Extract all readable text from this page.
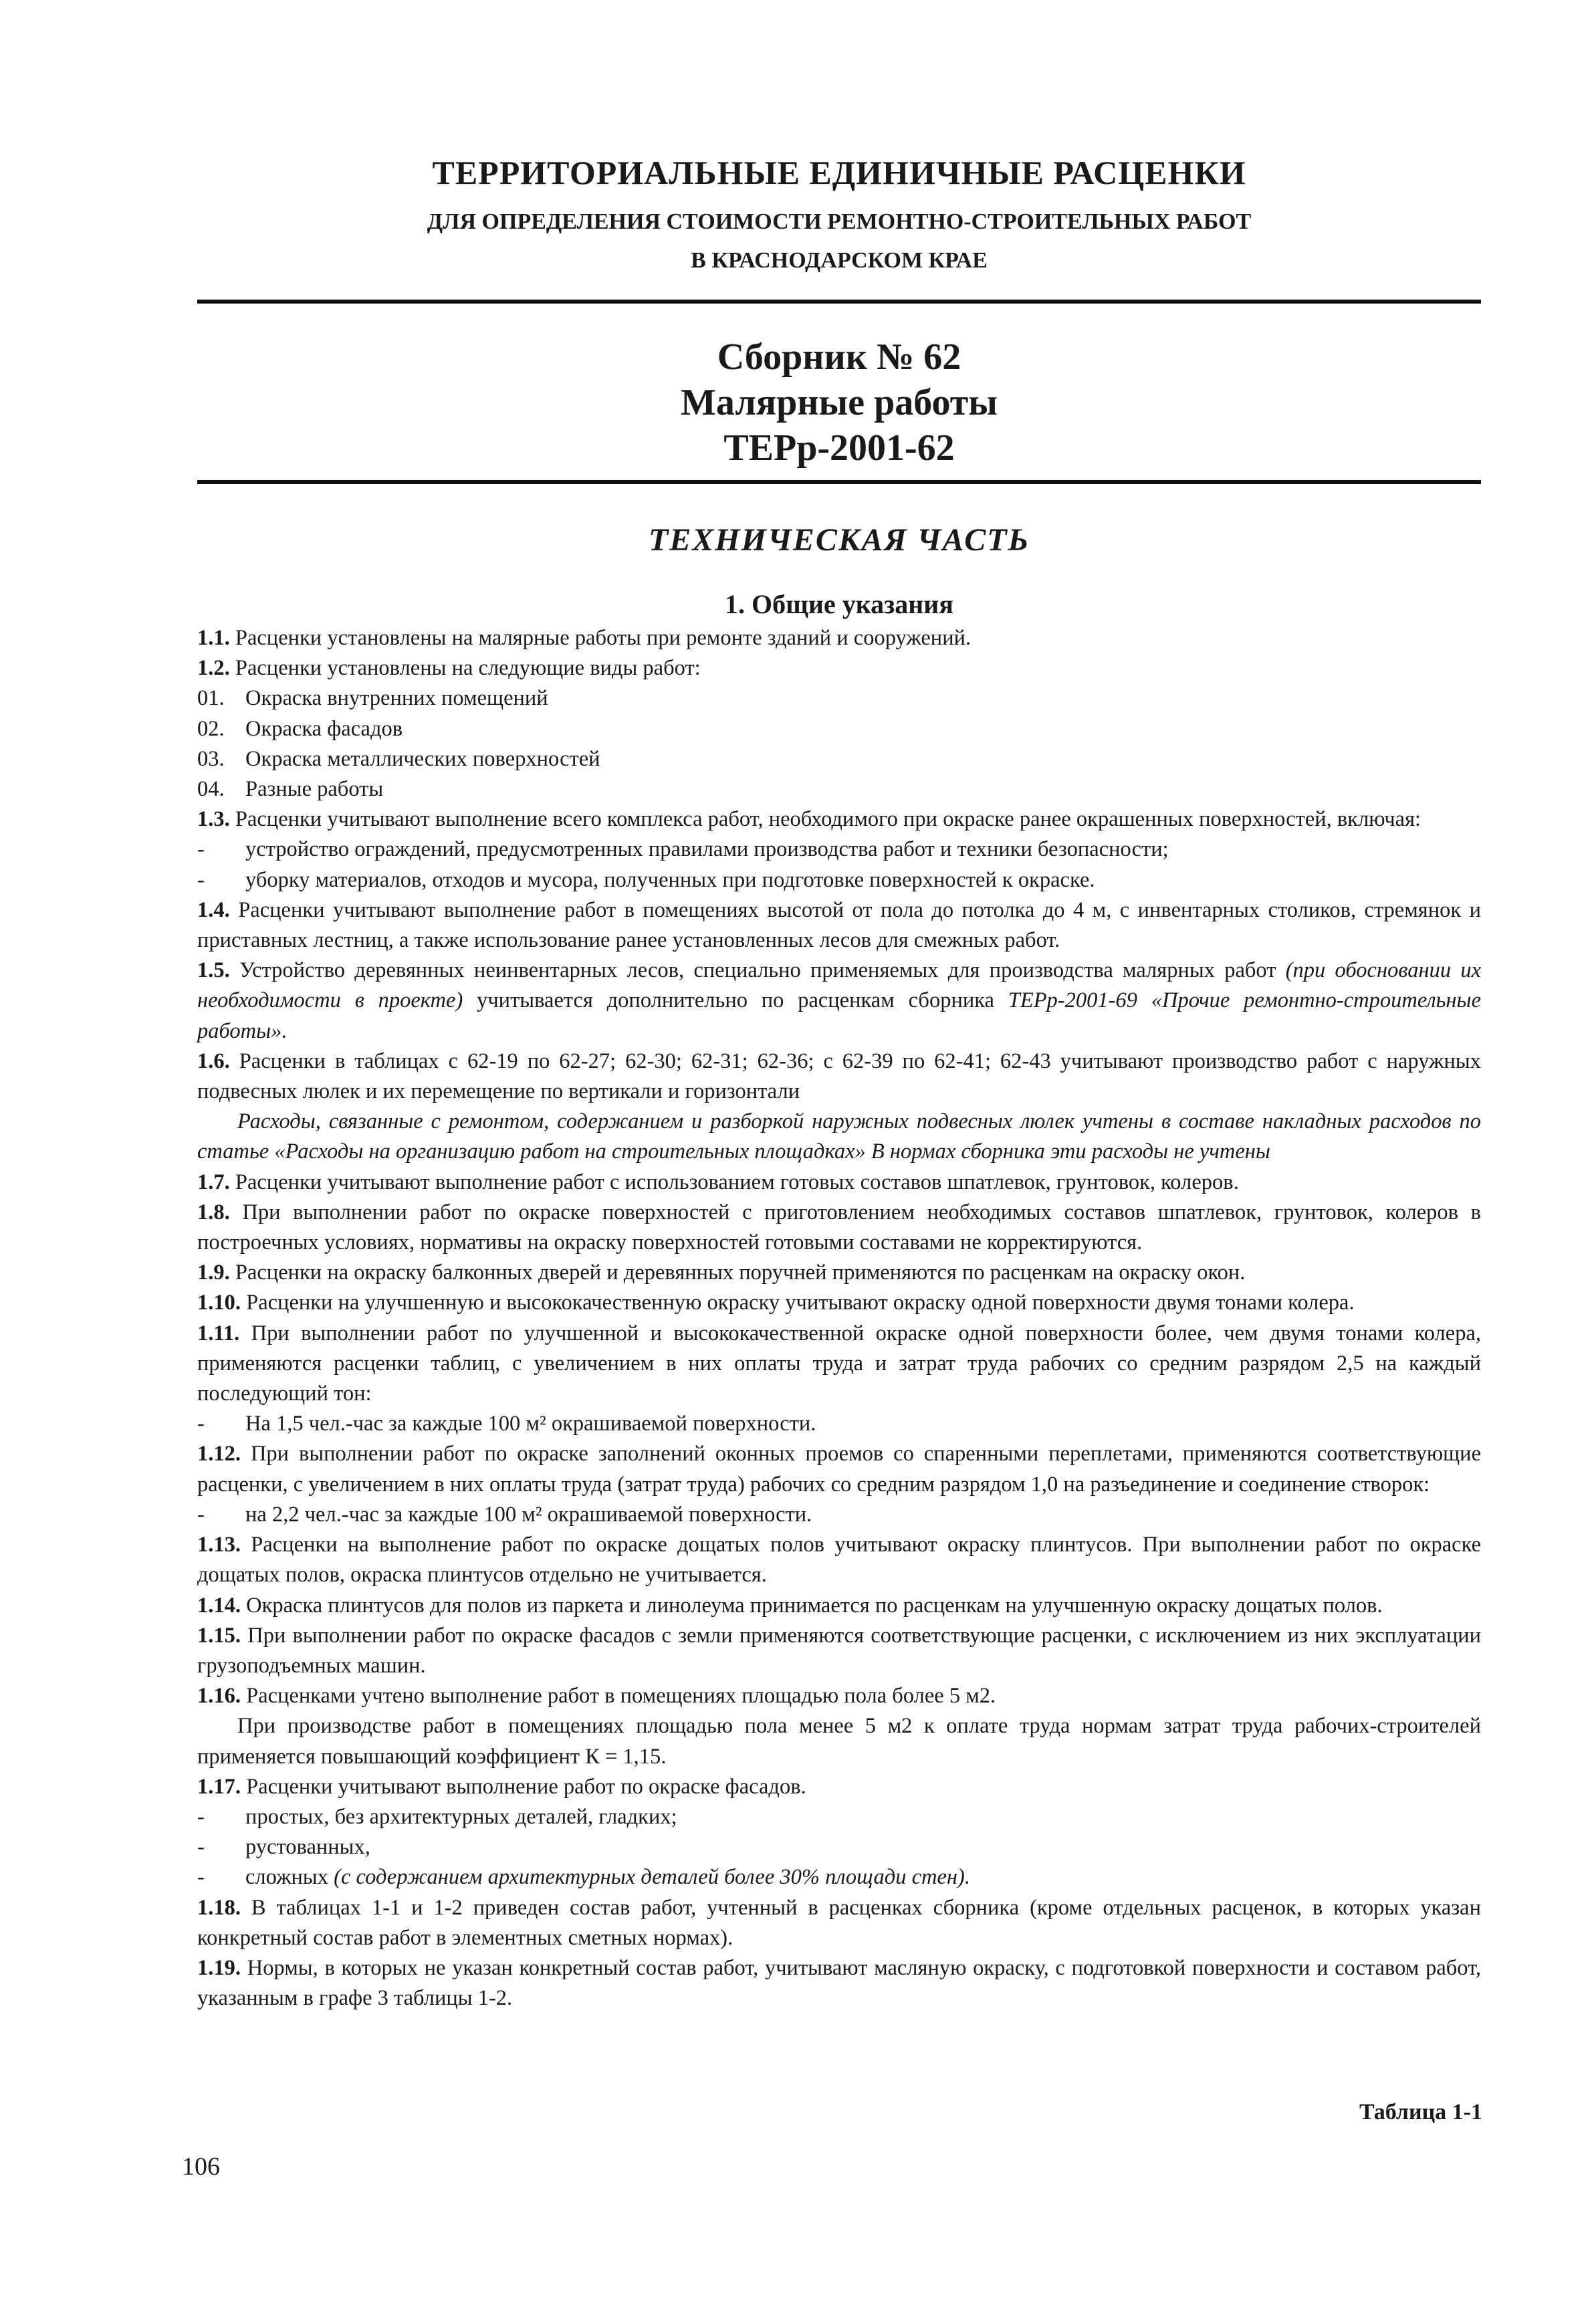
ТЕРРИТОРИАЛЬНЫЕ ЕДИНИЧНЫЕ РАСЦЕНКИ

ДЛЯ ОПРЕДЕЛЕНИЯ СТОИМОСТИ РЕМОНТНО-СТРОИТЕЛЬНЫХ РАБОТ

В КРАСНОДАРСКОМ КРАЕ

Сборник № 62
Малярные работы
ТЕРр-2001-62
ТЕХНИЧЕСКАЯ ЧАСТЬ
1. Общие указания

1.1. Расценки установлены на малярные работы при ремонте зданий и сооружений.

1.2. Расценки установлены на следующие виды работ:

01. Окраска внутренних помещений
02. Окраска фасадов
03. Окраска металлических поверхностей
04. Разные работы

1.3. Расценки учитывают выполнение всего комплекса работ, необходимого при окраске ранее окрашенных поверхностей, включая:

-	устройство ограждений, предусмотренных правилами производства работ и техники безопасности;
-	уборку материалов, отходов и мусора, полученных при подготовке поверхностей к окраске.

1.4. Расценки учитывают выполнение работ в помещениях высотой от пола до потолка до 4 м, с инвентарных столиков, стремянок и приставных лестниц, а также использование ранее установленных лесов для смежных работ.

1.5. Устройство деревянных неинвентарных лесов, специально применяемых для производства малярных работ (при обосновании их необходимости в проекте) учитывается дополнительно по расценкам сборника ТЕРр-2001-69 «Прочие ремонтно-строительные работы».

1.6. Расценки в таблицах с 62-19 по 62-27; 62-30; 62-31; 62-36; с 62-39 по 62-41; 62-43 учитывают производство работ с наружных подвесных люлек и их перемещение по вертикали и горизонтали

Расходы, связанные с ремонтом, содержанием и разборкой наружных подвесных люлек учтены в составе накладных расходов по статье «Расходы на организацию работ на строительных площадках» В нормах сборника эти расходы не учтены

1.7. Расценки учитывают выполнение работ с использованием готовых составов шпатлевок, грунтовок, колеров.

1.8. При выполнении работ по окраске поверхностей с приготовлением необходимых составов шпатлевок, грунтовок, колеров в построечных условиях, нормативы на окраску поверхностей готовыми составами не корректируются.

1.9. Расценки на окраску балконных дверей и деревянных поручней применяются по расценкам на окраску окон.

1.10. Расценки на улучшенную и высококачественную окраску учитывают окраску одной поверхности двумя тонами колера.

1.11. При выполнении работ по улучшенной и высококачественной окраске одной поверхности более, чем двумя тонами колера, применяются расценки таблиц, с увеличением в них оплаты труда и затрат труда рабочих со средним разрядом 2,5 на каждый последующий тон:

-	На 1,5 чел.-час за каждые 100 м² окрашиваемой поверхности.

1.12. При выполнении работ по окраске заполнений оконных проемов со спаренными переплетами, применяются соответствующие расценки, с увеличением в них оплаты труда (затрат труда) рабочих со средним разрядом 1,0 на разъединение и соединение створок:

-	на 2,2 чел.-час за каждые 100 м² окрашиваемой поверхности.

1.13. Расценки на выполнение работ по окраске дощатых полов учитывают окраску плинтусов. При выполнении работ по окраске дощатых полов, окраска плинтусов отдельно не учитывается.

1.14. Окраска плинтусов для полов из паркета и линолеума принимается по расценкам на улучшенную окраску дощатых полов.

1.15. При выполнении работ по окраске фасадов с земли применяются соответствующие расценки, с исключением из них эксплуатации грузоподъемных машин.

1.16. Расценками учтено выполнение работ в помещениях площадью пола более 5 м2.

При производстве работ в помещениях площадью пола менее 5 м2 к оплате труда нормам затрат труда рабочих-строителей применяется повышающий коэффициент К = 1,15.

1.17. Расценки учитывают выполнение работ по окраске фасадов.

-	простых, без архитектурных деталей, гладких;
-	рустованных,
-	сложных (с содержанием архитектурных деталей более 30% площади стен).

1.18. В таблицах 1-1 и 1-2 приведен состав работ, учтенный в расценках сборника (кроме отдельных расценок, в которых указан конкретный состав работ в элементных сметных нормах).

1.19. Нормы, в которых не указан конкретный состав работ, учитывают масляную окраску, с подготовкой поверхности и составом работ, указанным в графе 3 таблицы 1-2.

Таблица 1-1
106
